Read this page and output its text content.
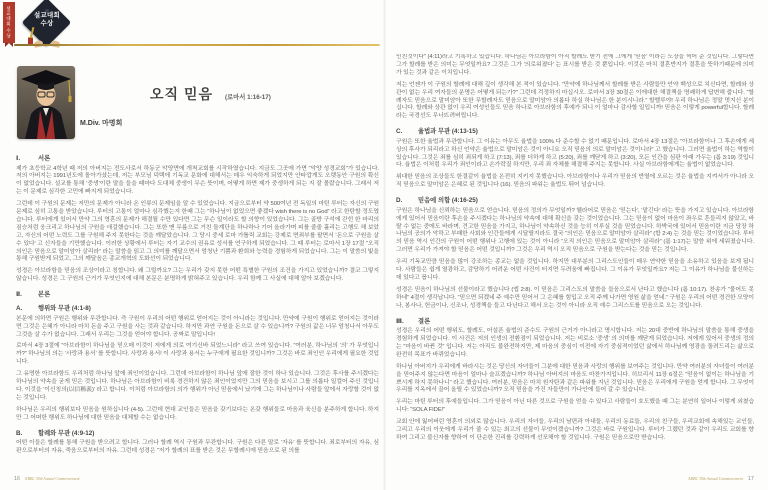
설교대회 수상	설교대회
수상
M.Div. 마명희
오직 믿음 (로마서 1:16-17)
Ⅰ.	서론

제가 초등학교 4학년 때 저의 아버지는 전도사로서 하동군 악양면에 개척교회를 시작하였습니다. 지금도 그곳에 가면 “악양 성경교회”가 있습니다. 저의 아버지는 1991년도에 돌아가셨는데, 저는 부모님 덕택에 기독교 문화에 대해서는 매우 익숙하게 되었지만 안타깝게도 오랫동안 구원의 확신이 없었습니다. 설교를 통해 ‘중생’이란 말을 들을 때마다 도대체 중생이 무슨 뜻이며, 어떻게 하면 제가 중생하게 되는 지 잘 몰랐습니다. 그래서 저는 이 문제로 심각한 고민에 빠지게 되었습니다.

그런데 이 구원의 문제는 저만의 문제가 아니라 온 인류의 문제임을 알 수 있었습니다. 지금으로부터 약 500여년 전 독일의 마틴 루터는 자신의 구원 문제로 심히 고통을 받았습니다. 루터의 고통이 얼마나 심각했는지 한때 그는 “하나님이 없었으면 좋겠다 wish there is no God” 라고 한탄할 정도였습니다. 루터에게 있어서 만약 그의 영혼의 문제가 해결될 수만 있다면 그는 무슨 일이라도 할 의향이 있었습니다. 그는 골방 구석에 갇힌 한 마리의 짐승처럼 웅크리고 하나님의 구원을 애걸했습니다. 그는 또한 맨 무릎으로 거친 돌계단을 하나하나 기어 올라가며 피를 줄줄 흘리는 고행도 해 보았고, 자신의 어떤 노력도 그를 구원해 주지 못한다는 것을 깨달았습니다. 그 당시 중세 로마 가톨릭 교회는 강제로 면죄부를 팔면서 ‘돈으로 구원을 살 수 있다’ 고 신자들을 기만했습니다. 이러한 상황에서 루터는 자기 교수의 권유로 성서를 연구하게 되었습니다. 그 때 루터는 로마서 1장 17절 “오직 의인은 믿음으로 말미암아 살리라” 라는 말씀을 읽고 그 의미를 깨달으면서 엄청난 기쁨과 환희와 능력을 경험하게 되었습니다. 그는 이 말씀의 빛을 통해 구원받게 되었고, 그의 깨달음은 종교개혁의 도화선이 되었습니다.

성경은 아브라함을 믿음의 조상이라고 칭합니다. 왜 그럴까요? 그는 우리가 갖지 못한 어떤 특별한 구원의 조건을 가지고 있었습니까? 결코 그렇지 않습니다. 성경은 그 구원의 근거가 무엇인지에 대해 본문은 분명하게 밝혀주고 있습니다. 우리 함께 그 사실에 대해 알아 보겠습니다.

Ⅱ.	본론
A. 행위와 무관 (4:1-8)

본문에 의하면 구원은 행위와 무관합니다. 즉 구원이 우리의 어떤 행위로 얻어지는 것이 아니라는 것입니다. 만약에 구원이 행위로 얻어지는 것이라면 그것은 은혜가 아니라 마치 돈을 주고 구원을 사는 것과 같습니다. 하지만 과연 구원을 돈으로 살 수 있습니까? 구원의 값은 너무 엄청나서 아무도 그것을 살 수가 없습니다. 그래서 우리는 그것을 얻어야 합니다. 공짜로 말입니다!

로마서 4장 3절에 “아브라함이 하나님을 믿으매 이것이 저에게 의로 여기신바 되었느니라” 라고 쓰여 있습니다. “여러분, 하나님의 ‘의’ 가 무엇입니까?” 하나님의 의는 ‘사랑과 용서’ 를 뜻합니다. 사랑과 용서! 이 사랑과 용서는 누구에게 필요한 것입니까? 그것은 바로 죄인인 우리에게 필요한 것입니다.

그 유명한 아브라함도 우리처럼 하나님 앞에 죄인이었습니다. 그런데 아브라함이 하나님 앞에 잘한 것이 하나 있습니다. 그것은 후사를 주시겠다는 하나님의 약속을 굳게 믿은 것입니다. 하나님은 아브라함이 비록 경건하지 않은 죄인이었지만 그의 믿음을 보시고 그를 의롭다 일컬어 주신 것입니다. 이것을 ‘이신칭의(以信稱義)’ 라고 합니다. 이처럼 아브라함의 의가 행위가 아닌 믿음에서 났기에 그는 하나님이나 사람들 앞에서 자랑할 것이 없는 것입니다.

하나님은 우리의 행위보다 믿음을 원하십니다 (4-5). 그런데 현대 교인들은 믿음을 갖기보다는 온갖 행위들로 마음과 육신을 분주하게 합니다. 하지만 그 어떠한 행위도 하나님에 대한 믿음을 대체할 수는 없습니다.

B. 할례와 무관 (4:9-12)

어떤 이들은 할례를 통해 구원을 받으려고 합니다. 그러나 할례 역시 구원과 무관합니다. 구원은 다른 말로 ‘자유’ 를 뜻합니다. 죄로부터의 자유, 심판으로부터의 자유, 죽음으로부터의 자유. 그런데 성경은 “저가 할례의 표를 받은 것은 무할례시에 믿음으로 된 의를

인친것이다” (4:11)라고 기록하고 있습니다. 하나님은 아브라함이 아직 할례도 받기 전에 그에게 ‘믿음’ 이라는 도장을 찍어 준 것입니다. 그렇다면 그가 할례를 받은 의미는 무엇일까요? 그것은 그가 ‘의로워졌다’ 는 표시를 받은 것 뿐입니다. 이것은 마치 결혼반지가 결혼을 뜻하기때문에 의미가 있는 것과 같은 이치입니다.

저는 언젠가 이 구원의 할례에 대해 깊이 생각해 본 적이 있습니다. “만약에 하나님께서 할례를 받은 사람들만 언약 백성으로 치신다면, 할례와 상관이 없는 우리 여자들의 운명은 어떻게 되는가?” 그런데 걱정하지 마십시오. 로마서 3장 30절은 이에대한 해결책을 명쾌하게 답변해 줍니다. “할례자도 믿음으로 말미암아 또한 무할례자도 믿음으로 말미암아 의롭다 하실 하나님은 한 분이시니라.” 할렐루야! 우리 하나님은 정말 멋지신 분이십니다. 할례와 상관 없이 우리 여성인들도 믿음 하나로 아브라함의 후예가 되니 이 얼마나 감사할 일입니까! 믿음은 이렇게 powerful합니다. 할례라는 국경선도 무너뜨려버립니다.

C. 율법과 무관 (4:13-15)

구원은 또한 율법과 무관합니다. 그 이유는 아무도 율법을 100% 다 준수할 수 없기 때문입니다. 로마서 4장 13절은 “아브라함이나 그 후손에게 세상의 후사가 되리라고 하신 언약은 율법으로 말미암은 것이 아니요 오직 믿음의 의로 말미암은 것이니라” 고 했습니다. 그러면 율법이 하는 역할이 있습니다. 그것은 죄를 심히 죄되게 하고 (7:13), 죄를 더하게 하고 (5:20), 죄를 깨닫게 하고 (3:20), 모든 인간을 심판 아래 가두는 (롬 3:19) 것입니다. 율법은 이처럼 우리가 죄인이라고 손가락질 하지만, 우리 죄 자체를 해결해 주지는 못합니다. 사실 아브라함에게는 율법이 없었습니다.

위대한 믿음의 조상들도 한결같이 율법을 온전히 지키지 못했습니다. 아브라함이나 우리가 믿음의 반열에 오르는 것은 율법을 지켜서가 아니라 오직 믿음으로 말미암은 은혜로 된 것입니다 (16). 믿음의 파워는 율법도 뛰어 넘습니다.

D. 믿음에 의함 (4:16-25)

구원은 하나님을 신뢰하는 믿음으로 얻습니다. 믿음의 정의가 무엇일까? 헬라어로 믿음은 ‘믿는다’, ‘맡긴다’ 라는 뜻을 가지고 있습니다. 아브라함에게 있어서 믿음이란 후손을 주시겠다는 하나님의 약속에 대해 확신을 갖는 것이었습니다. 그는 믿음이 없어 마음이 좌우로 흔들리지 않았고, 바랄 수 없는 중에도 바라며, 견고한 믿음을 가지고, 하나님이 약속하신 것을 능히 이루실 것을 믿었습니다. 하박국에 있어서 믿음이란 지금 당장 하나님의 공의가 악하고 부패한 사회와 인간들에게 시달릴지라도 결국 “의인은 믿음으로 말미암아 살리라” (합 2:4) 는 것을 믿는 것이었습니다. 루터의 믿음 역시 인간의 구원이 어떤 행위나 고행에 있는 것이 아니라 “오직 의인은 믿음으로 말미암아 살리라” (롬 1:17)는 말씀 위에 세워졌습니다. 그러면 우리가 가져야 할 믿음은 어떤 것입니까? 그것은 우리 역시 오직 믿음으로 구원을 받는다는 것을 믿는 것입니다.

우리 기독교만큼 믿음을 많이 강조하는 종교는 없을 것입니다. 하지만 대부분의 그리스도인들이 매우 연약한 믿음을 소유하고 있음을 보게 됩니다. 사람들은 쉽게 열광하고, 감당하기 어려운 어떤 사건이 터지면 두려움에 빠집니다. 그 이유가 무엇일까요? 저는 그 이유가 하나님을 불신하는 데 있다고 봅니다.

성경은 믿음이 하나님의 선물이라고 했습니다 (엡 2:8). 이 믿음은 그리스도의 말씀을 들음으로서 난다고 했습니다 (롬 10:17). 찬송가 “물어도 못하네” 4절이 생각납니다. “믿으면 되겠네 주 예수만 믿어서 그 은혜를 힘입고 오직 주께 나가면 영원 삶을 얻네.” 구원은 우리의 어떤 경건한 모양이나, 봉사나, 헌금이나, 신조나, 성경책을 들고 다닌다고 해서 오는 것이 아니라 오직 예수 그리스도를 믿음으로 오는 것입니다.

Ⅲ. 결론

성경은 우리의 어떤 행위도, 할례도, 어설픈 율법의 준수도 구원의 근거가 아니라고 명시합니다. 저는 20대 중반에 하나님의 말씀을 통해 중생을 경험하게 되었습니다. 이 사건은 저의 인생의 전환점이 되었습니다. 저는 비로소 ‘중생’ 의 의미를 깨닫게 되었습니다. 저에게 있어서 중생의 정의는 “마음이 바뀐 것” 입니다. 저는 아직도 불완전하지만, 제 마음의 중심이 이전에 자기 중심적이었던 삶에서 하나님께 영광을 돌려드리는 삶으로 완전히 목표가 바뀌었습니다.

하나님 아버지가 우리에게 바라시는 것은 당신의 자녀들이 그분에 대한 믿음과 사랑의 행위를 보여주는 것입니다. 만약 여러분의 자녀들이 여러분을 믿어주지 않는다면 마음이 얼마나 슬프겠습니까? 하나님 아버지의 마음도 마찬가지입니다. 히브리서 11장 6절은 “믿음이 없이는 하나님을 기쁘시게 하지 못하나니” 라고 했습니다. 여러분, 믿음은 마치 원자탄과 같은 파워를 지닌 것입니다. 믿음은 우리에게 구원을 얻게 합니다. 그 무엇이 우리를 지옥에서 끌어 올릴 수 있었습니까? 오직 믿음을 가진 자들만이 가나안에 들어 갈 수 있습니다.

우리는 마틴 루터의 후예들입니다. 그가 믿음이 아닌 다른 것으로 구원을 얻을 수 있다고 사람들이 호도했을 때 그는 분연히 일어나 이렇게 외쳤습니다: “SOLA FIDE!”

교회 안에 잃어버린 영혼이 의외로 많습니다. 우리의 자녀들, 우리의 남편과 아내들, 우리의 동료들, 우리의 친구들, 우리교회에 속해있는 교인들, 그리고 우리의 이웃에게 우리가 줄 수 있는 최고의 선물이 무엇이겠습니까? 그것은 바로 구원입니다. 루터가 그랬던 것과 같이 우리도 교회를 향하여 그리고 불신자를 향하여 이 단순한 진리를 강력하게 선포해야 할 것입니다. 구원은 믿음으로만 받습니다.

16 KBBC 39th Annual Commencement	KBBC 39th Annual Commencement 17
